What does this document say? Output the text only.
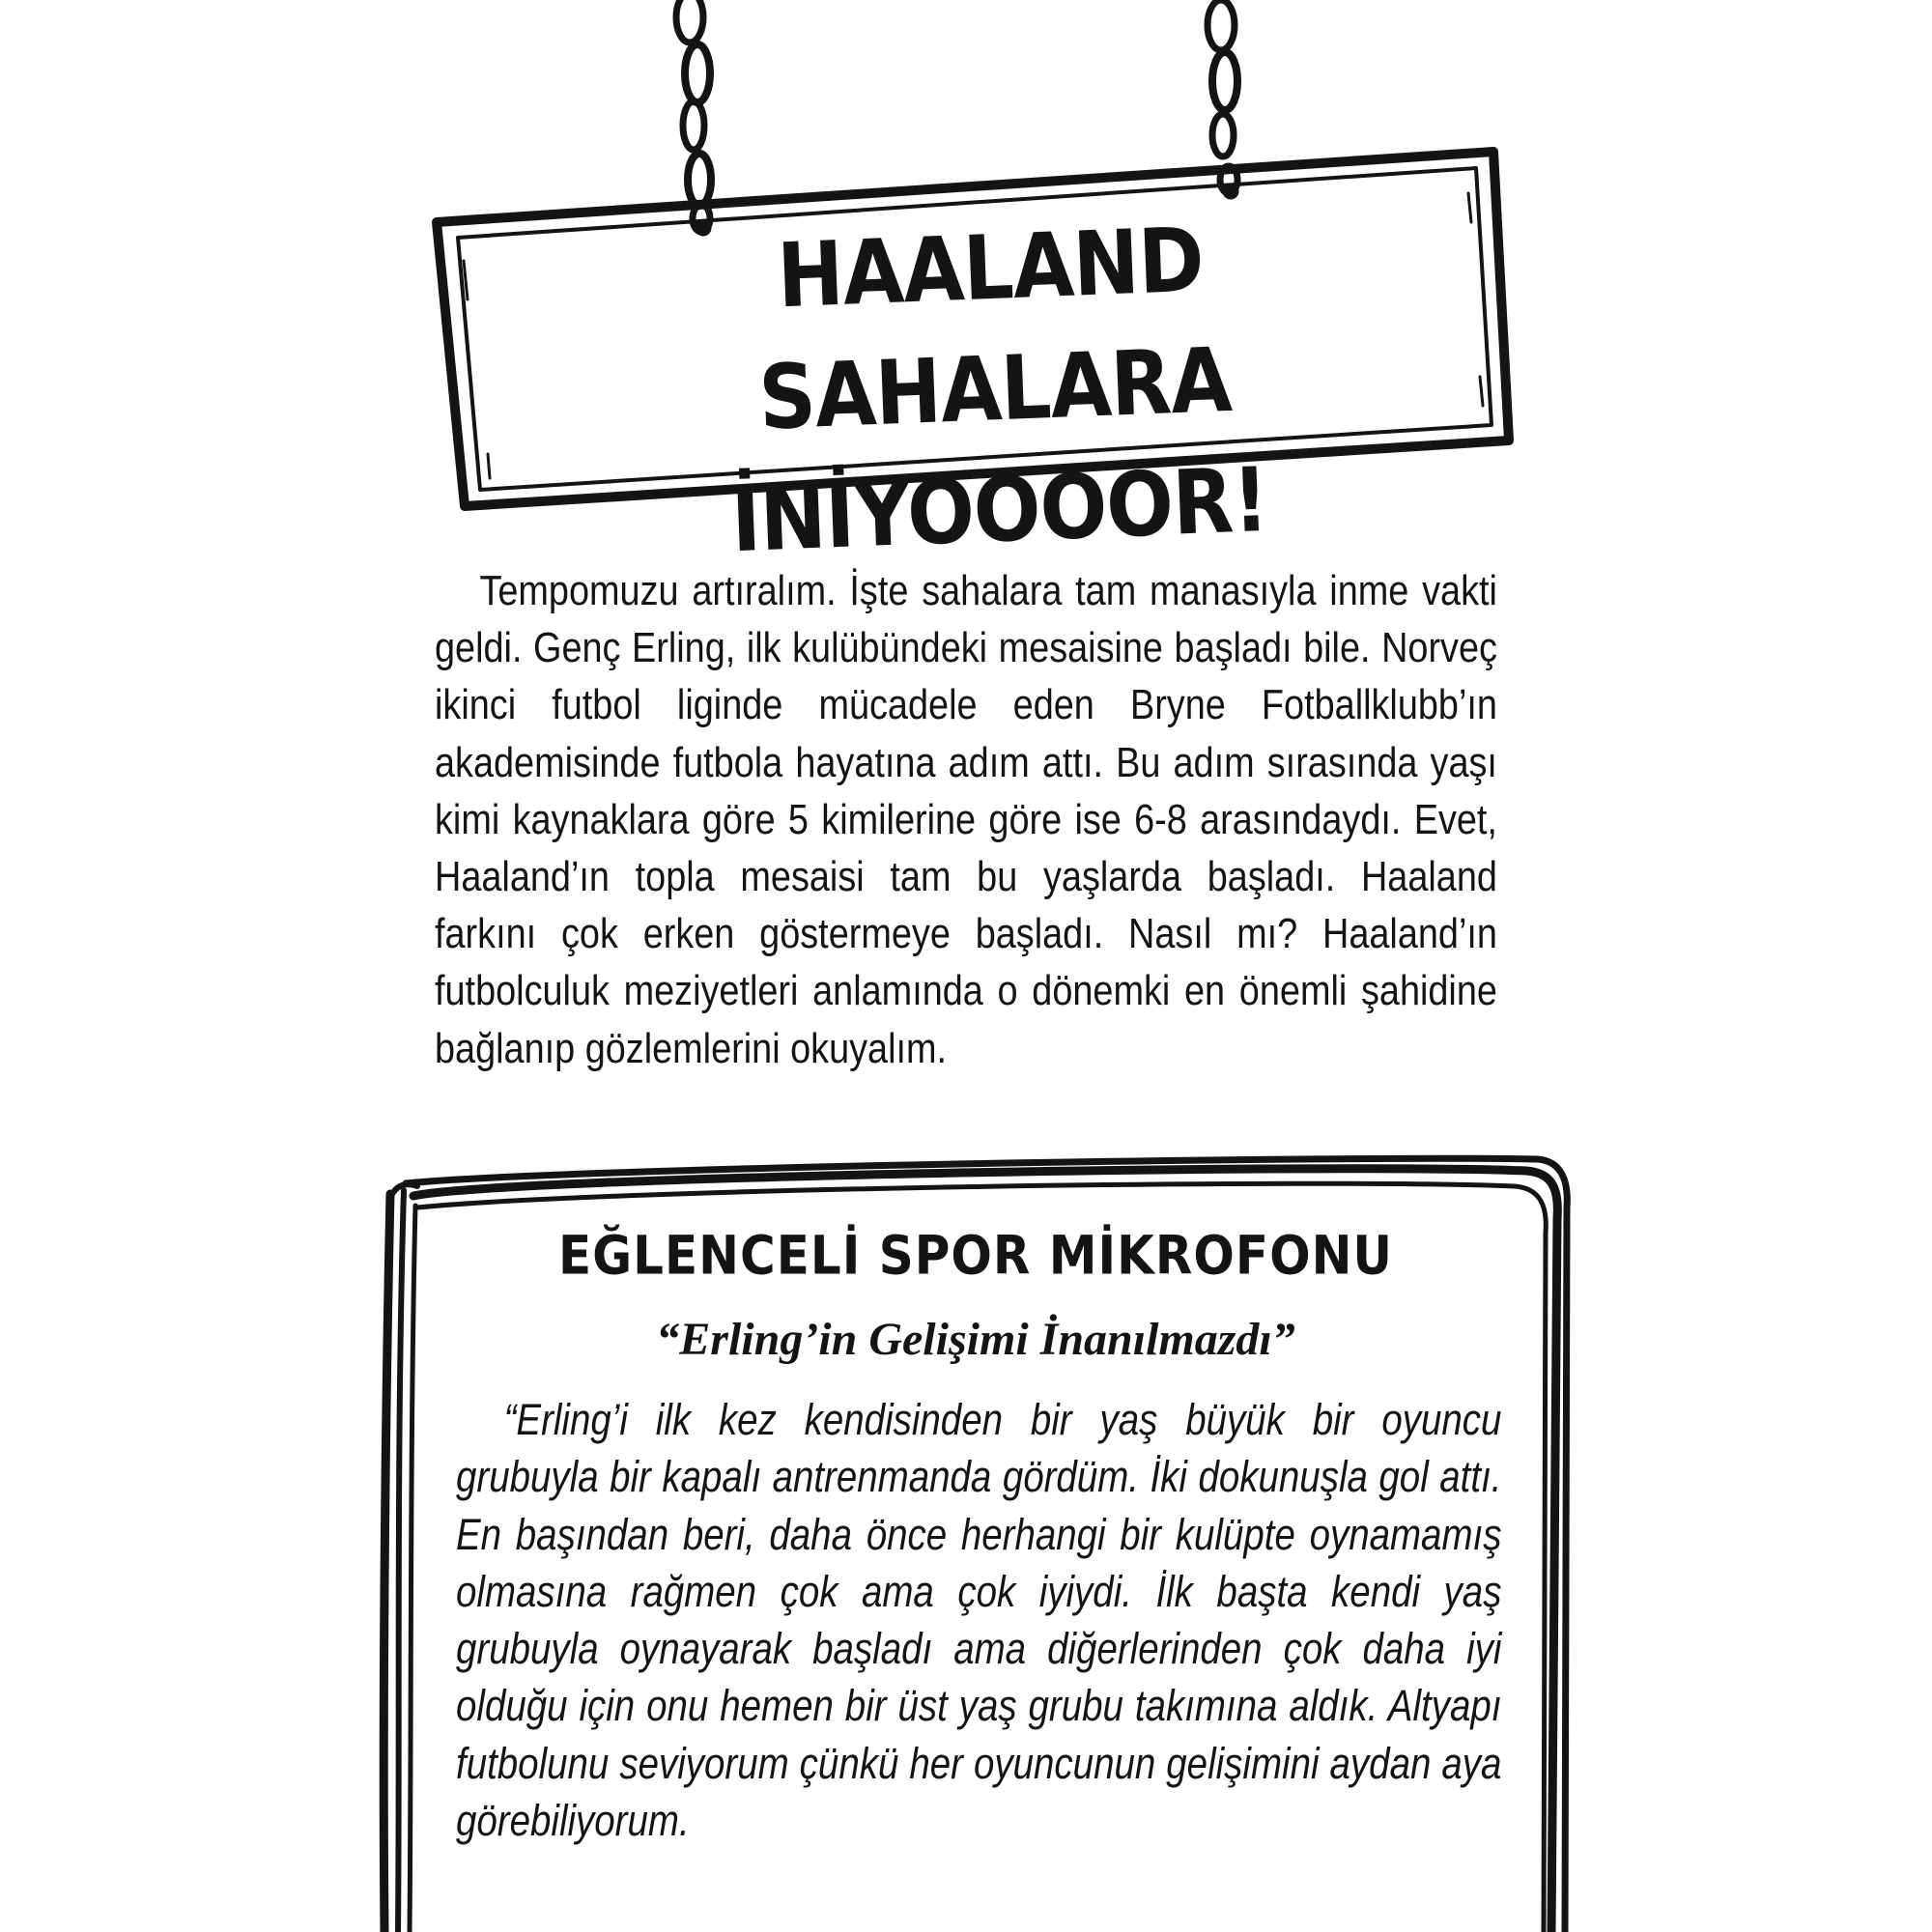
HAALAND
SAHALARA İNİYOOOOR!

Tempomuzu artıralım. İşte sahalara tam manasıyla inme vakti geldi. Genç Erling, ilk kulübündeki mesaisine başladı bile. Norveç ikinci futbol liginde mücadele eden Bryne Fotballklubb’ın akademisinde futbola hayatına adım attı. Bu adım sırasında yaşı kimi kaynaklara göre 5 kimilerine göre ise 6-8 arasındaydı. Evet, Haaland’ın topla mesaisi tam bu yaşlarda başladı. Haaland farkını çok erken göstermeye başladı. Nasıl mı? Haaland’ın futbolculuk meziyetleri anlamında o dönemki en önemli şahidine bağlanıp gözlemlerini okuyalım.

EĞLENCELİ SPOR MİKROFONU

“Erling’in Gelişimi İnanılmazdı”

“Erling’i ilk kez kendisinden bir yaş büyük bir oyuncu grubuyla bir kapalı antrenmanda gördüm. İki dokunuşla gol attı. En başından beri, daha önce herhangi bir kulüpte oynamamış olmasına rağmen çok ama çok iyiydi. İlk başta kendi yaş grubuyla oynayarak başladı ama diğerlerinden çok daha iyi olduğu için onu hemen bir üst yaş grubu takımına aldık. Altyapı futbolunu seviyorum çünkü her oyuncunun gelişimini aydan aya görebiliyorum.
